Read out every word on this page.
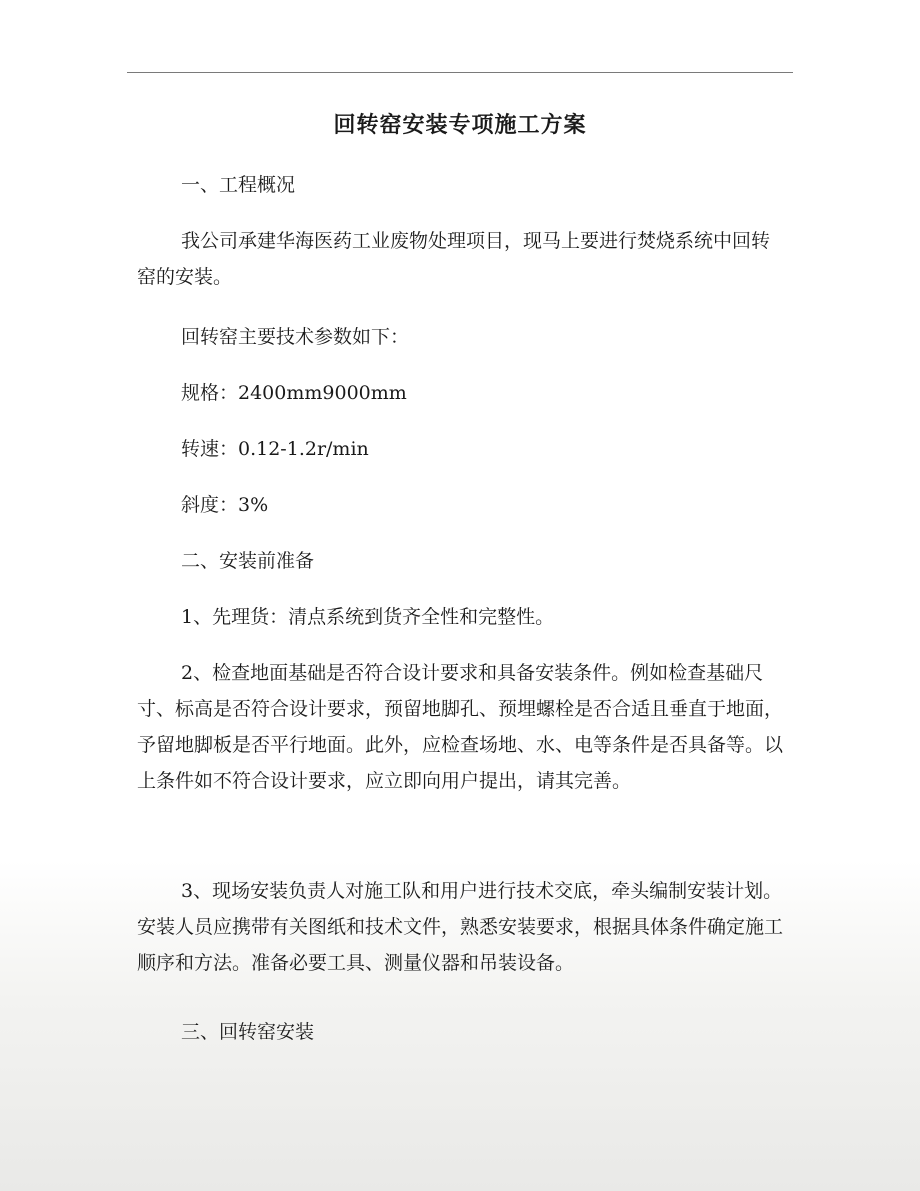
回转窑安装专项施工方案

一、工程概况

我公司承建华海医药工业废物处理项目，现马上要进行焚烧系统中回转窑的安装。

回转窑主要技术参数如下：

规格：2400mm9000mm

转速：0.12-1.2r/min

斜度：3%

二、安装前准备

1、先理货：清点系统到货齐全性和完整性。

2、检查地面基础是否符合设计要求和具备安装条件。例如检查基础尺寸、标高是否符合设计要求，预留地脚孔、预埋螺栓是否合适且垂直于地面，予留地脚板是否平行地面。此外，应检查场地、水、电等条件是否具备等。以上条件如不符合设计要求，应立即向用户提出，请其完善。

3、现场安装负责人对施工队和用户进行技术交底，牵头编制安装计划。安装人员应携带有关图纸和技术文件，熟悉安装要求，根据具体条件确定施工顺序和方法。准备必要工具、测量仪器和吊装设备。

三、回转窑安装
